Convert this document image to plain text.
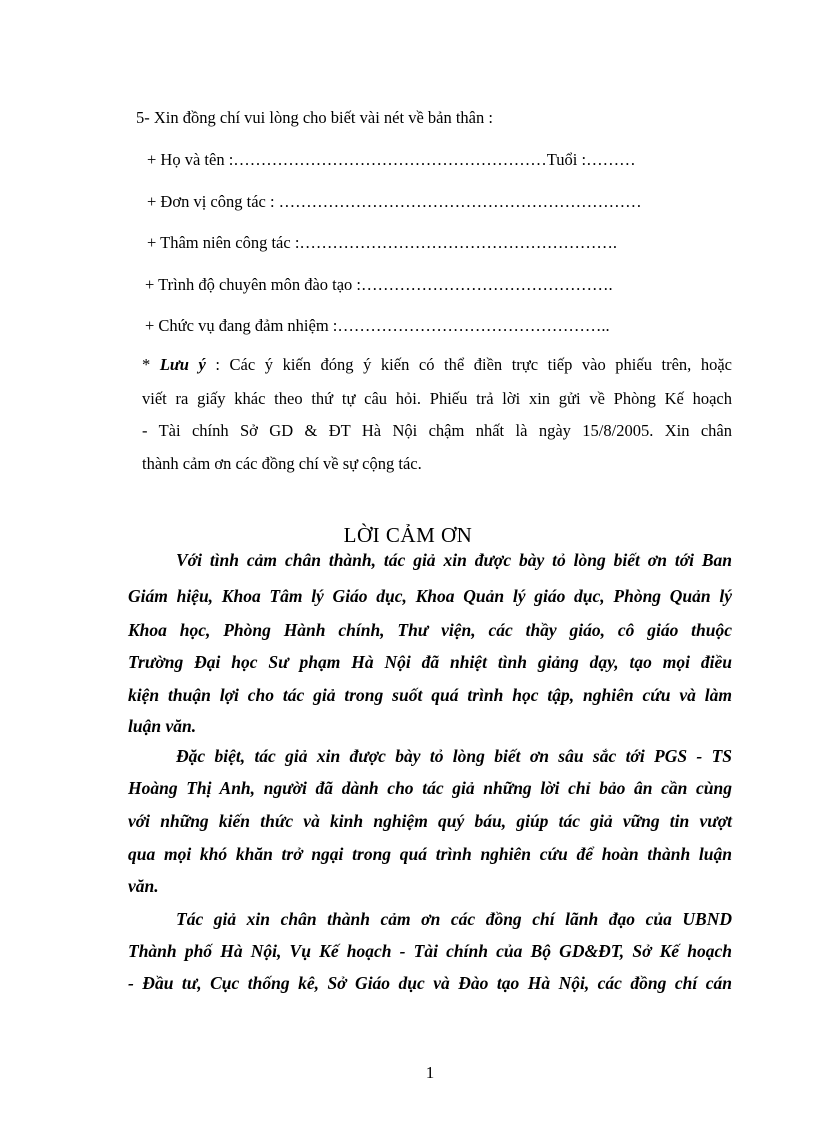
5- Xin đồng chí vui lòng cho biết vài nét về bản thân :
+ Họ và tên :…………………………………………………Tuổi :………
+ Đơn vị công tác : …………………………………………………………
+ Thâm niên công tác :………………………………………………….
+ Trình độ chuyên môn đào tạo :……………………………………….
+ Chức vụ đang đảm nhiệm :…………………………………………..
* Lưu ý : Các ý kiến đóng ý kiến có thể điền trực tiếp vào phiếu trên, hoặc
viết ra giấy khác theo thứ tự câu hỏi. Phiếu trả lời xin gửi về Phòng Kế hoạch
- Tài chính Sở GD & ĐT Hà Nội chậm nhất là ngày 15/8/2005. Xin chân
thành cảm ơn các đồng chí về sự cộng tác.
LỜI CẢM ƠN
Với tình cảm chân thành, tác giả xin được bày tỏ lòng biết ơn tới Ban
Giám hiệu, Khoa Tâm lý Giáo dục, Khoa Quản lý giáo dục, Phòng Quản lý
Khoa học, Phòng Hành chính, Thư viện, các thầy giáo, cô giáo thuộc
Trường Đại học Sư phạm Hà Nội đã nhiệt tình giảng dạy, tạo mọi điều
kiện thuận lợi cho tác giả trong suốt quá trình học tập, nghiên cứu và làm
luận văn.
Đặc biệt, tác giả xin được bày tỏ lòng biết ơn sâu sắc tới PGS - TS
Hoàng Thị Anh, người đã dành cho tác giả những lời chỉ bảo ân cần cùng
với những kiến thức và kinh nghiệm quý báu, giúp tác giả vững tin vượt
qua mọi khó khăn trở ngại trong quá trình nghiên cứu để hoàn thành luận
văn.
Tác giả xin chân thành cảm ơn các đồng chí lãnh đạo của UBND
Thành phố Hà Nội, Vụ Kế hoạch - Tài chính của Bộ GD&ĐT, Sở Kế hoạch
- Đầu tư, Cục thống kê, Sở Giáo dục và Đào tạo Hà Nội, các đồng chí cán
1
